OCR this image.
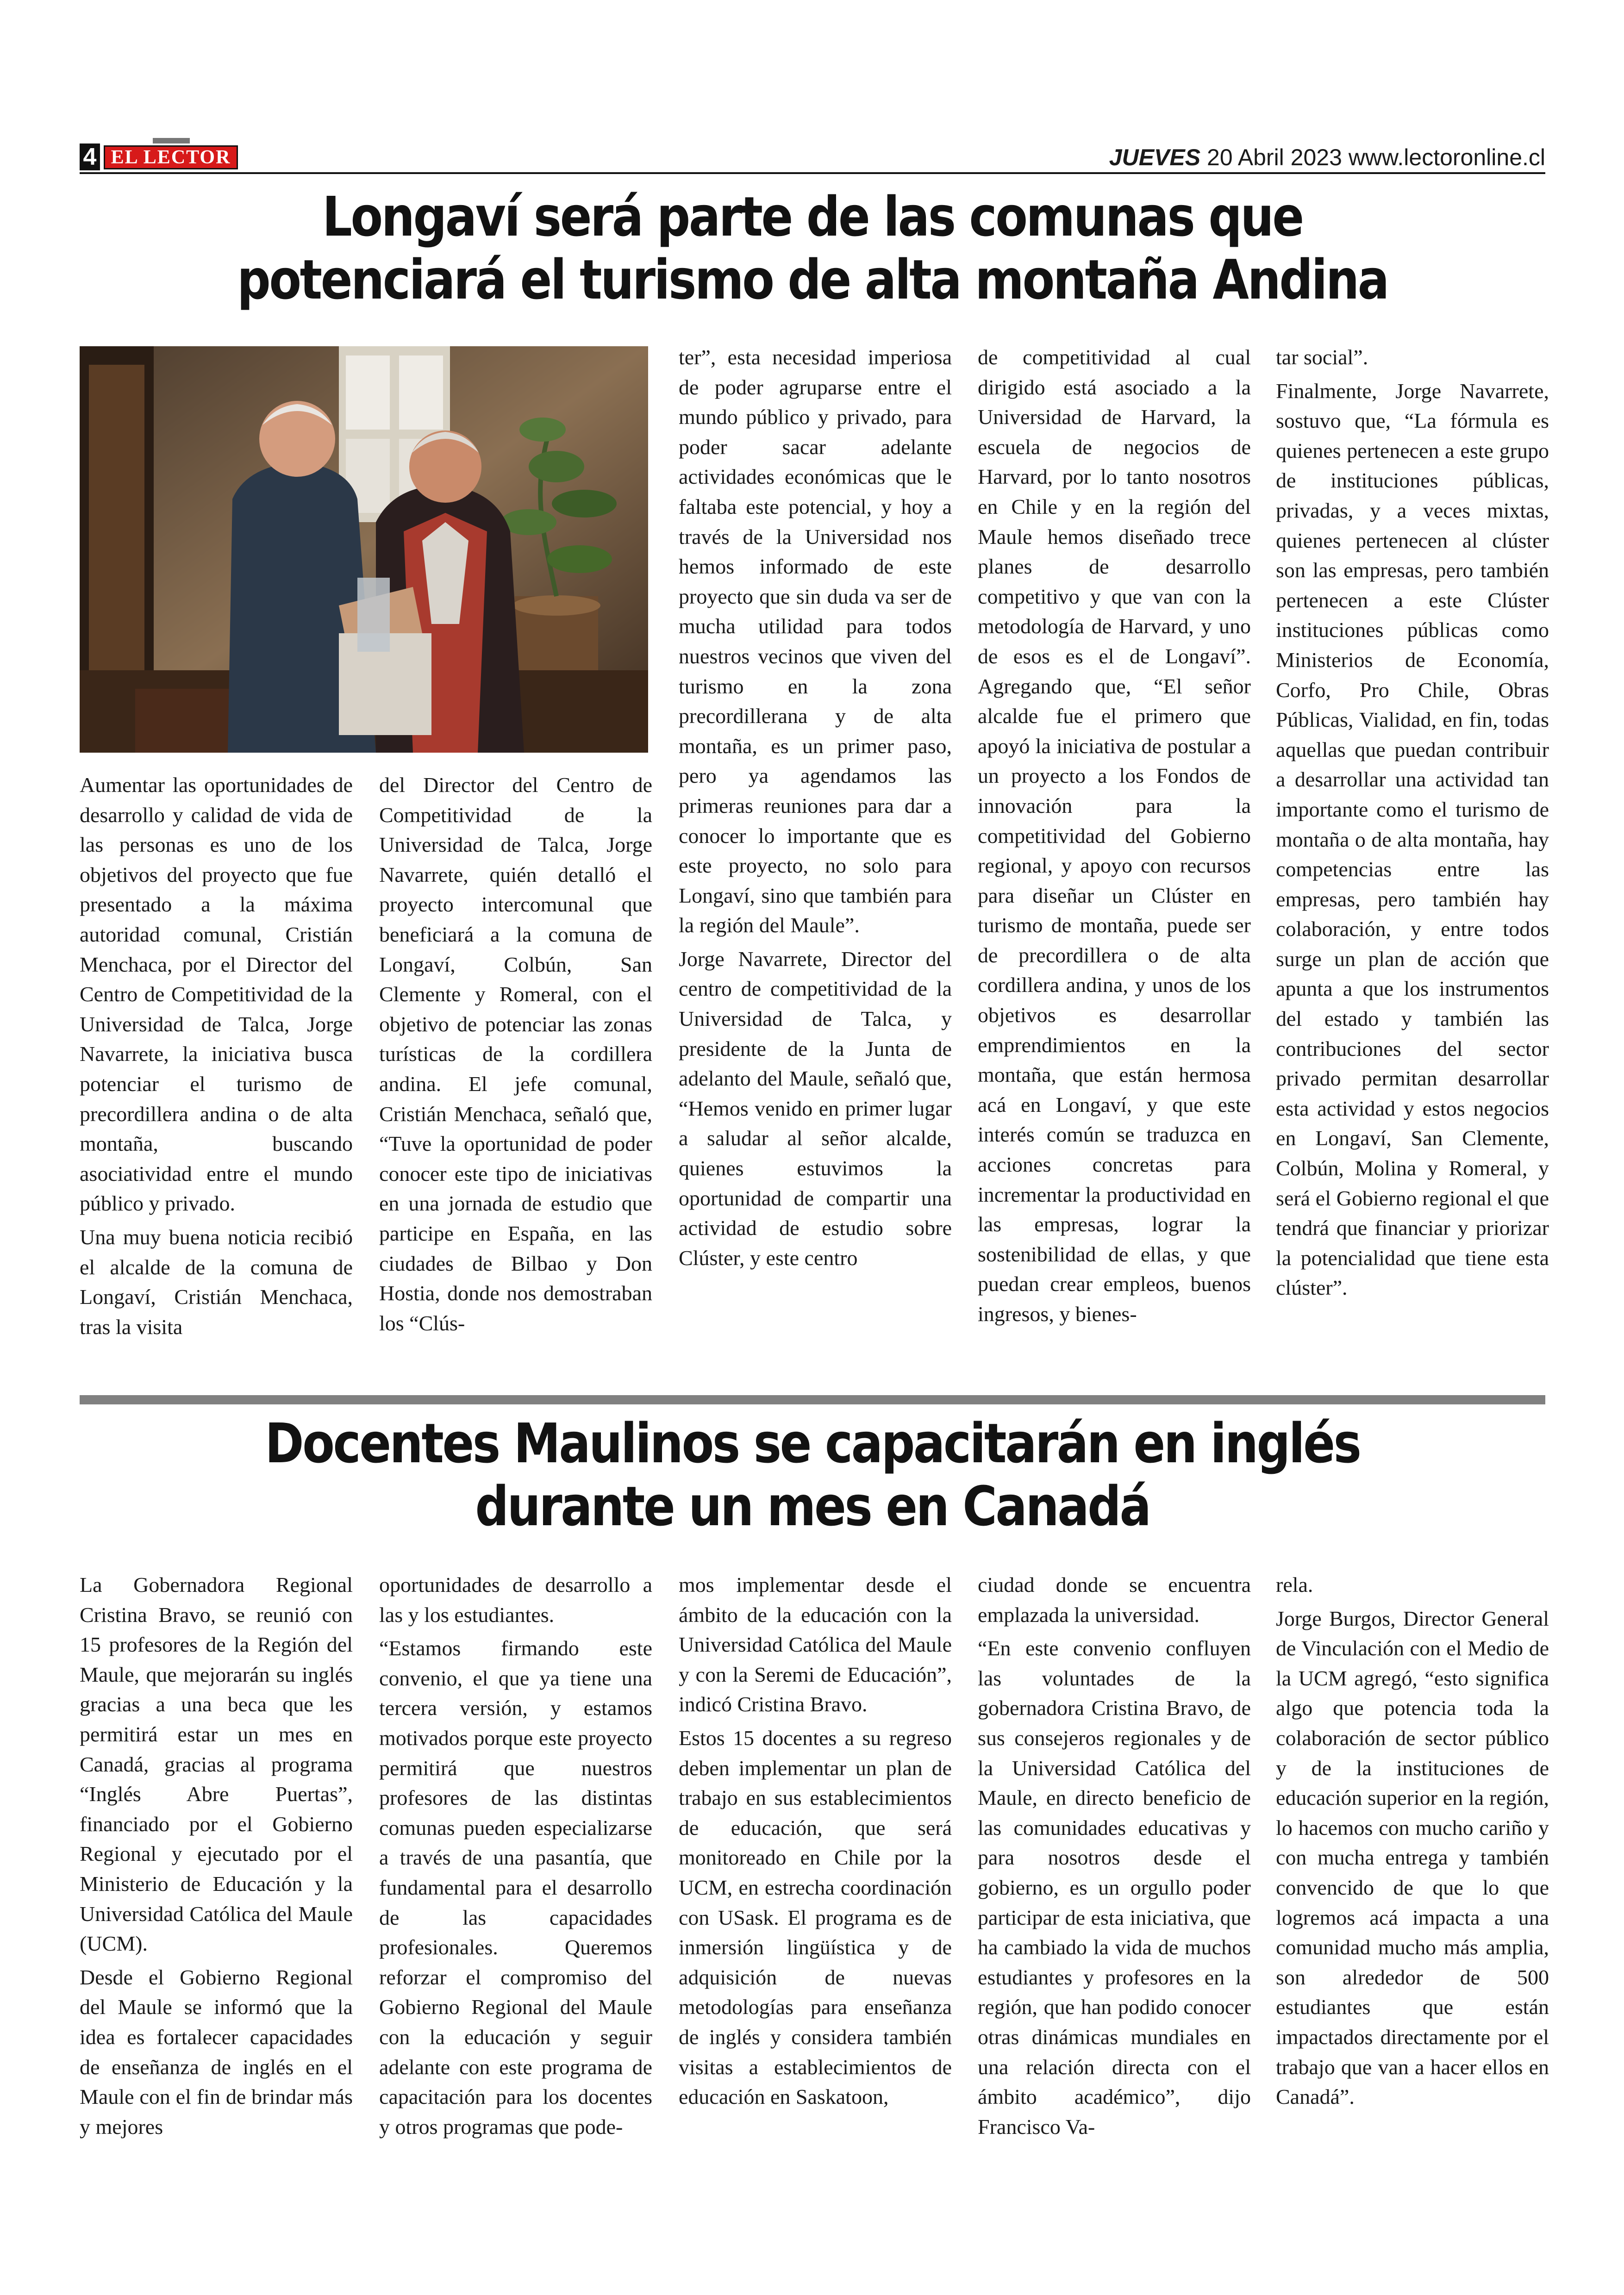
4 EL LECTOR	JUEVES 20 Abril 2023 www.lectoronline.cl
Longaví será parte de las comunas que potenciará el turismo de alta montaña Andina

Aumentar las oportunidades de desarrollo y calidad de vida de las personas es uno de los objetivos del proyecto que fue presentado a la máxima autoridad comunal, Cristián Menchaca, por el Director del Centro de Competitividad de la Universidad de Talca, Jorge Navarrete, la iniciativa busca potenciar el turismo de precordillera andina o de alta montaña, buscando asociatividad entre el mundo público y privado.

Una muy buena noticia recibió el alcalde de la comuna de Longaví, Cristián Menchaca, tras la visita

del Director del Centro de Competitividad de la Universidad de Talca, Jorge Navarrete, quién detalló el proyecto intercomunal que beneficiará a la comuna de Longaví, Colbún, San Clemente y Romeral, con el objetivo de potenciar las zonas turísticas de la cordillera andina. El jefe comunal, Cristián Menchaca, señaló que, “Tuve la oportunidad de poder conocer este tipo de iniciativas en una jornada de estudio que participe en España, en las ciudades de Bilbao y Don Hostia, donde nos demostraban los “Clús-

ter”, esta necesidad imperiosa de poder agruparse entre el mundo público y privado, para poder sacar adelante actividades económicas que le faltaba este potencial, y hoy a través de la Universidad nos hemos informado de este proyecto que sin duda va ser de mucha utilidad para todos nuestros vecinos que viven del turismo en la zona precordillerana y de alta montaña, es un primer paso, pero ya agendamos las primeras reuniones para dar a conocer lo importante que es este proyecto, no solo para Longaví, sino que también para la región del Maule”.

Jorge Navarrete, Director del centro de competitividad de la Universidad de Talca, y presidente de la Junta de adelanto del Maule, señaló que, “Hemos venido en primer lugar a saludar al señor alcalde, quienes estuvimos la oportunidad de compartir una actividad de estudio sobre Clúster, y este centro

de competitividad al cual dirigido está asociado a la Universidad de Harvard, la escuela de negocios de Harvard, por lo tanto nosotros en Chile y en la región del Maule hemos diseñado trece planes de desarrollo competitivo y que van con la metodología de Harvard, y uno de esos es el de Longaví”. Agregando que, “El señor alcalde fue el primero que apoyó la iniciativa de postular a un proyecto a los Fondos de innovación para la competitividad del Gobierno regional, y apoyo con recursos para diseñar un Clúster en turismo de montaña, puede ser de precordillera o de alta cordillera andina, y unos de los objetivos es desarrollar emprendimientos en la montaña, que están hermosa acá en Longaví, y que este interés común se traduzca en acciones concretas para incrementar la productividad en las empresas, lograr la sostenibilidad de ellas, y que puedan crear empleos, buenos ingresos, y bienes-

tar social”.

Finalmente, Jorge Navarrete, sostuvo que, “La fórmula es quienes pertenecen a este grupo de instituciones públicas, privadas, y a veces mixtas, quienes pertenecen al clúster son las empresas, pero también pertenecen a este Clúster instituciones públicas como Ministerios de Economía, Corfo, Pro Chile, Obras Públicas, Vialidad, en fin, todas aquellas que puedan contribuir a desarrollar una actividad tan importante como el turismo de montaña o de alta montaña, hay competencias entre las empresas, pero también hay colaboración, y entre todos surge un plan de acción que apunta a que los instrumentos del estado y también las contribuciones del sector privado permitan desarrollar esta actividad y estos negocios en Longaví, San Clemente, Colbún, Molina y Romeral, y será el Gobierno regional el que tendrá que financiar y priorizar la potencialidad que tiene esta clúster”.

Docentes Maulinos se capacitarán en inglés durante un mes en Canadá

La Gobernadora Regional Cristina Bravo, se reunió con 15 profesores de la Región del Maule, que mejorarán su inglés gracias a una beca que les permitirá estar un mes en Canadá, gracias al programa “Inglés Abre Puertas”, financiado por el Gobierno Regional y ejecutado por el Ministerio de Educación y la Universidad Católica del Maule (UCM).

Desde el Gobierno Regional del Maule se informó que la idea es fortalecer capacidades de enseñanza de inglés en el Maule con el fin de brindar más y mejores

oportunidades de desarrollo a las y los estudiantes.

“Estamos firmando este convenio, el que ya tiene una tercera versión, y estamos motivados porque este proyecto permitirá que nuestros profesores de las distintas comunas pueden especializarse a través de una pasantía, que fundamental para el desarrollo de las capacidades profesionales. Queremos reforzar el compromiso del Gobierno Regional del Maule con la educación y seguir adelante con este programa de capacitación para los docentes y otros programas que pode-

mos implementar desde el ámbito de la educación con la Universidad Católica del Maule y con la Seremi de Educación”, indicó Cristina Bravo.

Estos 15 docentes a su regreso deben implementar un plan de trabajo en sus establecimientos de educación, que será monitoreado en Chile por la UCM, en estrecha coordinación con USask. El programa es de inmersión lingüística y de adquisición de nuevas metodologías para enseñanza de inglés y considera también visitas a establecimientos de educación en Saskatoon,

ciudad donde se encuentra emplazada la universidad.

“En este convenio confluyen las voluntades de la gobernadora Cristina Bravo, de sus consejeros regionales y de la Universidad Católica del Maule, en directo beneficio de las comunidades educativas y para nosotros desde el gobierno, es un orgullo poder participar de esta iniciativa, que ha cambiado la vida de muchos estudiantes y profesores en la región, que han podido conocer otras dinámicas mundiales en una relación directa con el ámbito académico”, dijo Francisco Va-

rela.

Jorge Burgos, Director General de Vinculación con el Medio de la UCM agregó, “esto significa algo que potencia toda la colaboración de sector público y de la instituciones de educación superior en la región, lo hacemos con mucho cariño y con mucha entrega y también convencido de que lo que logremos acá impacta a una comunidad mucho más amplia, son alrededor de 500 estudiantes que están impactados directamente por el trabajo que van a hacer ellos en Canadá”.
